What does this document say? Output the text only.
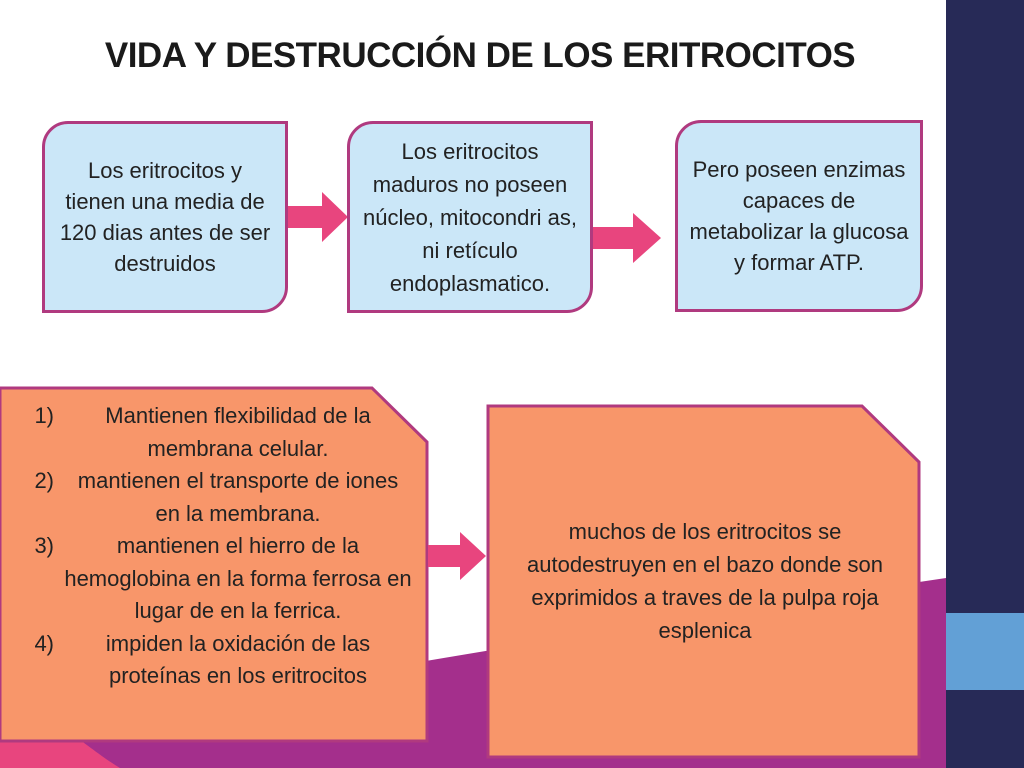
VIDA Y DESTRUCCIÓN DE LOS ERITROCITOS
Los eritrocitos y tienen una media de 120 dias antes de ser destruidos
Los eritrocitos maduros no poseen núcleo, mitocondri as, ni retículo endoplasmatico.
Pero poseen enzimas capaces de metabolizar la glucosa y formar ATP.
1)	Mantienen flexibilidad de la membrana celular.
2)	mantienen el transporte de iones en la membrana.
3)	mantienen el hierro de la hemoglobina en la forma ferrosa en lugar de en la ferrica.
4)	impiden la oxidación de las proteínas en los eritrocitos
muchos de los eritrocitos se autodestruyen en el bazo donde son exprimidos a traves de la pulpa roja esplenica
